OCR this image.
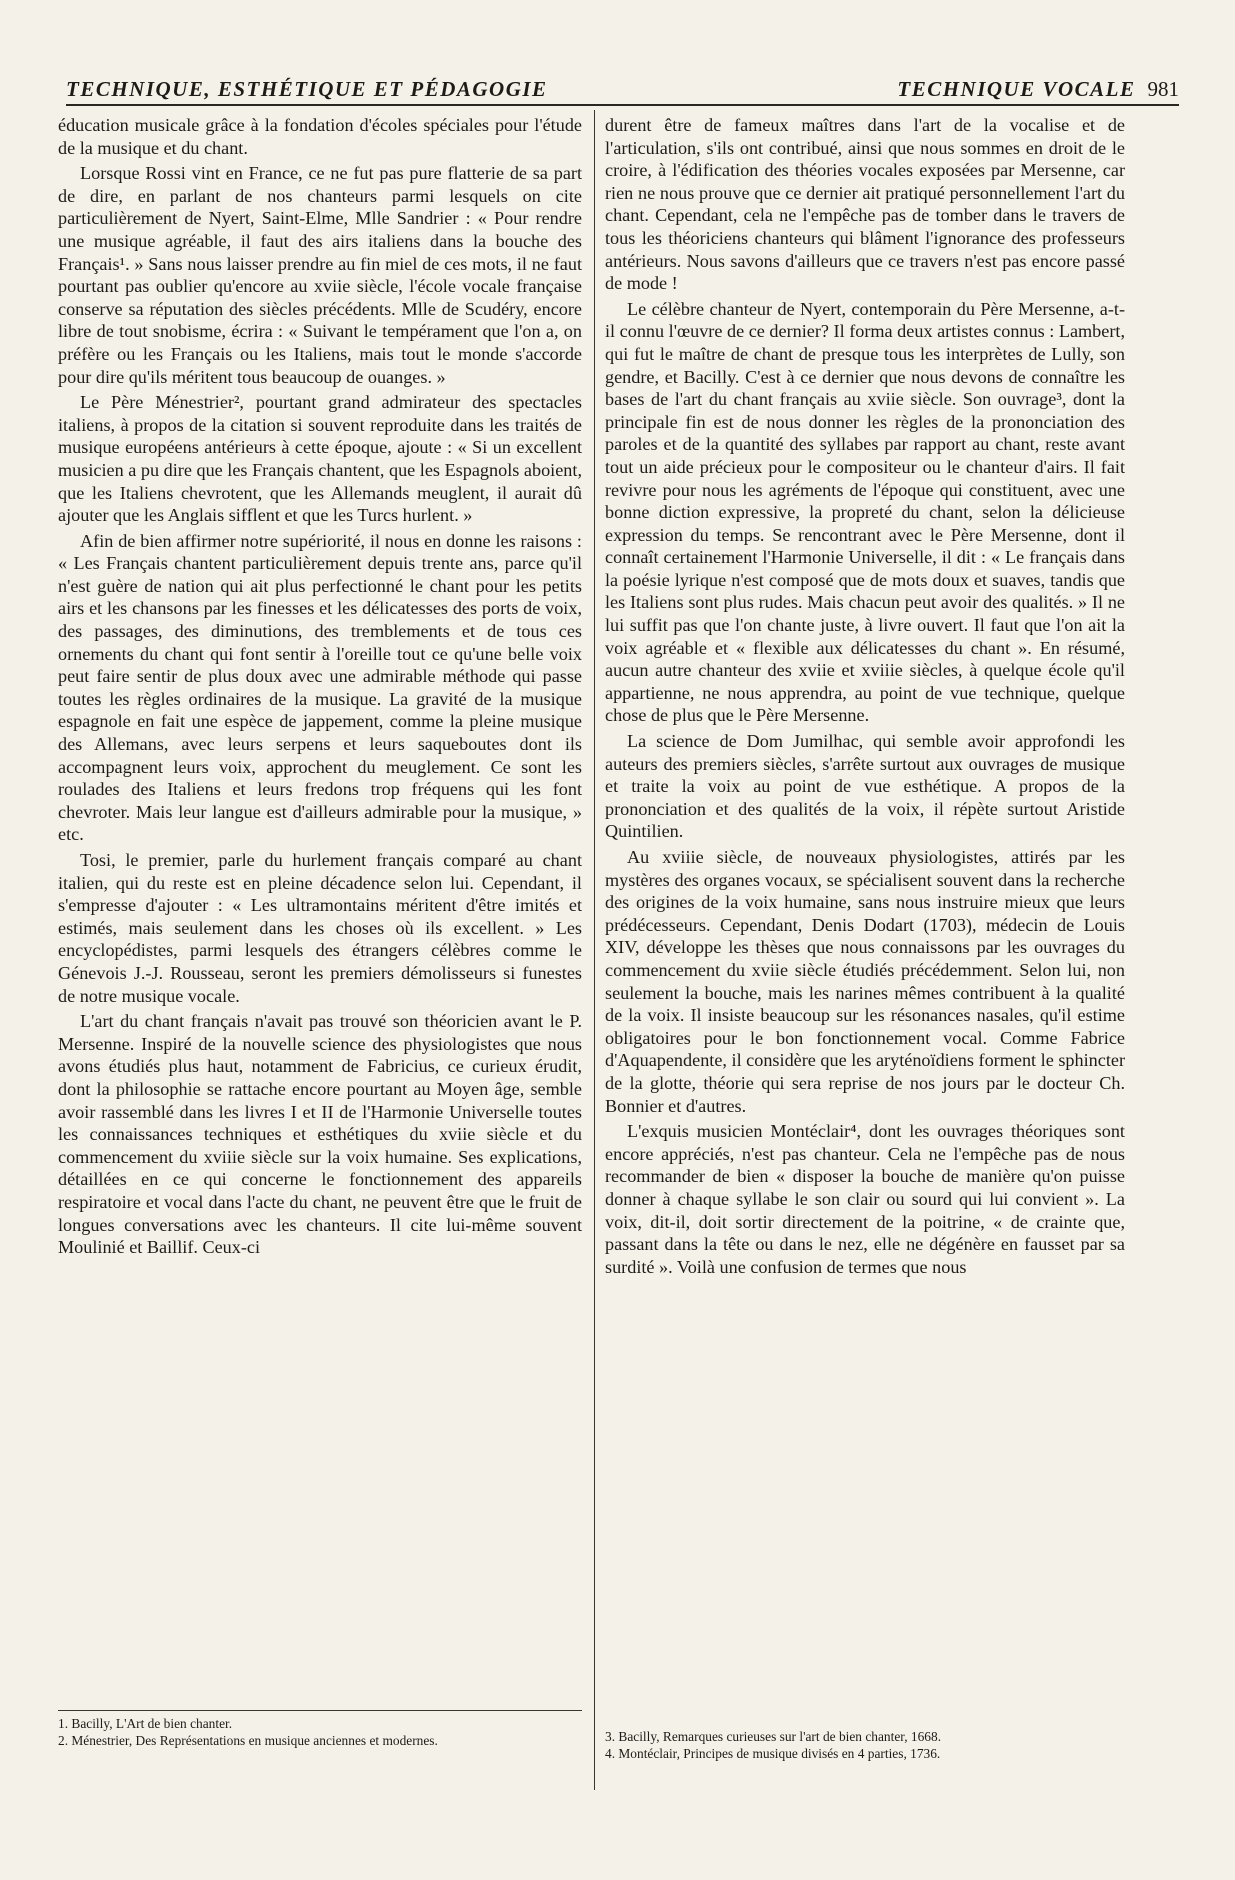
TECHNIQUE, ESTHÉTIQUE ET PÉDAGOGIE	TECHNIQUE VOCALE 981

éducation musicale grâce à la fondation d'écoles spéciales pour l'étude de la musique et du chant.

Lorsque Rossi vint en France, ce ne fut pas pure flatterie de sa part de dire, en parlant de nos chanteurs parmi lesquels on cite particulièrement de Nyert, Saint-Elme, Mlle Sandrier : « Pour rendre une musique agréable, il faut des airs italiens dans la bouche des Français¹. » Sans nous laisser prendre au fin miel de ces mots, il ne faut pourtant pas oublier qu'encore au xviie siècle, l'école vocale française conserve sa réputation des siècles précédents. Mlle de Scudéry, encore libre de tout snobisme, écrira : « Suivant le tempérament que l'on a, on préfère ou les Français ou les Italiens, mais tout le monde s'accorde pour dire qu'ils méritent tous beaucoup de ouanges. »

Le Père Ménestrier², pourtant grand admirateur des spectacles italiens, à propos de la citation si souvent reproduite dans les traités de musique européens antérieurs à cette époque, ajoute : « Si un excellent musicien a pu dire que les Français chantent, que les Espagnols aboient, que les Italiens chevrotent, que les Allemands meuglent, il aurait dû ajouter que les Anglais sifflent et que les Turcs hurlent. »

Afin de bien affirmer notre supériorité, il nous en donne les raisons : « Les Français chantent particulièrement depuis trente ans, parce qu'il n'est guère de nation qui ait plus perfectionné le chant pour les petits airs et les chansons par les finesses et les délicatesses des ports de voix, des passages, des diminutions, des tremblements et de tous ces ornements du chant qui font sentir à l'oreille tout ce qu'une belle voix peut faire sentir de plus doux avec une admirable méthode qui passe toutes les règles ordinaires de la musique. La gravité de la musique espagnole en fait une espèce de jappement, comme la pleine musique des Allemans, avec leurs serpens et leurs saqueboutes dont ils accompagnent leurs voix, approchent du meuglement. Ce sont les roulades des Italiens et leurs fredons trop fréquens qui les font chevroter. Mais leur langue est d'ailleurs admirable pour la musique, » etc.

Tosi, le premier, parle du hurlement français comparé au chant italien, qui du reste est en pleine décadence selon lui. Cependant, il s'empresse d'ajouter : « Les ultramontains méritent d'être imités et estimés, mais seulement dans les choses où ils excellent. » Les encyclopédistes, parmi lesquels des étrangers célèbres comme le Génevois J.-J. Rousseau, seront les premiers démolisseurs si funestes de notre musique vocale.

L'art du chant français n'avait pas trouvé son théoricien avant le P. Mersenne. Inspiré de la nouvelle science des physiologistes que nous avons étudiés plus haut, notamment de Fabricius, ce curieux érudit, dont la philosophie se rattache encore pourtant au Moyen âge, semble avoir rassemblé dans les livres I et II de l'Harmonie Universelle toutes les connaissances techniques et esthétiques du xviie siècle et du commencement du xviiie siècle sur la voix humaine. Ses explications, détaillées en ce qui concerne le fonctionnement des appareils respiratoire et vocal dans l'acte du chant, ne peuvent être que le fruit de longues conversations avec les chanteurs. Il cite lui-même souvent Moulinié et Baillif. Ceux-ci

durent être de fameux maîtres dans l'art de la vocalise et de l'articulation, s'ils ont contribué, ainsi que nous sommes en droit de le croire, à l'édification des théories vocales exposées par Mersenne, car rien ne nous prouve que ce dernier ait pratiqué personnellement l'art du chant. Cependant, cela ne l'empêche pas de tomber dans le travers de tous les théoriciens chanteurs qui blâment l'ignorance des professeurs antérieurs. Nous savons d'ailleurs que ce travers n'est pas encore passé de mode !

Le célèbre chanteur de Nyert, contemporain du Père Mersenne, a-t-il connu l'œuvre de ce dernier? Il forma deux artistes connus : Lambert, qui fut le maître de chant de presque tous les interprètes de Lully, son gendre, et Bacilly. C'est à ce dernier que nous devons de connaître les bases de l'art du chant français au xviie siècle. Son ouvrage³, dont la principale fin est de nous donner les règles de la prononciation des paroles et de la quantité des syllabes par rapport au chant, reste avant tout un aide précieux pour le compositeur ou le chanteur d'airs. Il fait revivre pour nous les agréments de l'époque qui constituent, avec une bonne diction expressive, la propreté du chant, selon la délicieuse expression du temps. Se rencontrant avec le Père Mersenne, dont il connaît certainement l'Harmonie Universelle, il dit : « Le français dans la poésie lyrique n'est composé que de mots doux et suaves, tandis que les Italiens sont plus rudes. Mais chacun peut avoir des qualités. » Il ne lui suffit pas que l'on chante juste, à livre ouvert. Il faut que l'on ait la voix agréable et « flexible aux délicatesses du chant ». En résumé, aucun autre chanteur des xviie et xviiie siècles, à quelque école qu'il appartienne, ne nous apprendra, au point de vue technique, quelque chose de plus que le Père Mersenne.

La science de Dom Jumilhac, qui semble avoir approfondi les auteurs des premiers siècles, s'arrête surtout aux ouvrages de musique et traite la voix au point de vue esthétique. A propos de la prononciation et des qualités de la voix, il répète surtout Aristide Quintilien.

Au xviiie siècle, de nouveaux physiologistes, attirés par les mystères des organes vocaux, se spécialisent souvent dans la recherche des origines de la voix humaine, sans nous instruire mieux que leurs prédécesseurs. Cependant, Denis Dodart (1703), médecin de Louis XIV, développe les thèses que nous connaissons par les ouvrages du commencement du xviie siècle étudiés précédemment. Selon lui, non seulement la bouche, mais les narines mêmes contribuent à la qualité de la voix. Il insiste beaucoup sur les résonances nasales, qu'il estime obligatoires pour le bon fonctionnement vocal. Comme Fabrice d'Aquapendente, il considère que les aryténoïdiens forment le sphincter de la glotte, théorie qui sera reprise de nos jours par le docteur Ch. Bonnier et d'autres.

L'exquis musicien Montéclair⁴, dont les ouvrages théoriques sont encore appréciés, n'est pas chanteur. Cela ne l'empêche pas de nous recommander de bien « disposer la bouche de manière qu'on puisse donner à chaque syllabe le son clair ou sourd qui lui convient ». La voix, dit-il, doit sortir directement de la poitrine, « de crainte que, passant dans la tête ou dans le nez, elle ne dégénère en fausset par sa surdité ». Voilà une confusion de termes que nous

1. Bacilly, L'Art de bien chanter.
2. Ménestrier, Des Représentations en musique anciennes et modernes.	3. Bacilly, Remarques curieuses sur l'art de bien chanter, 1668.
4. Montéclair, Principes de musique divisés en 4 parties, 1736.
